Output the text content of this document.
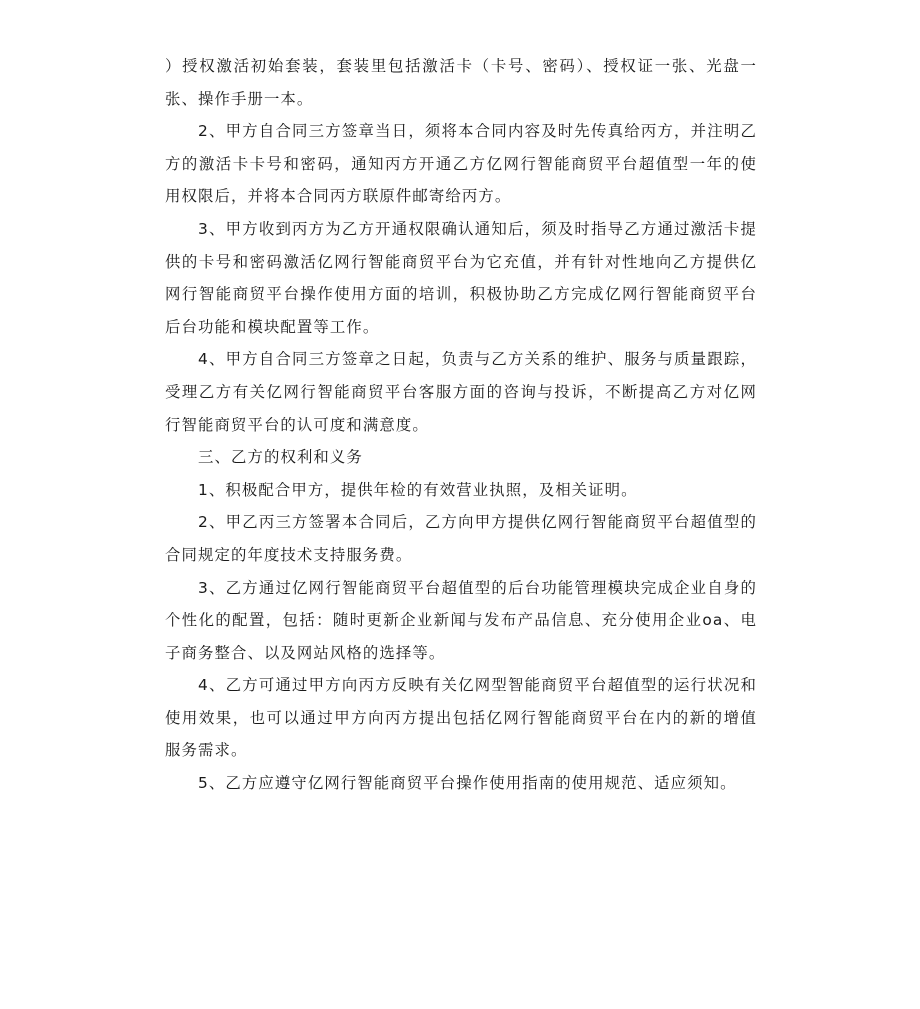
）授权激活初始套装，套装里包括激活卡（卡号、密码）、授权证一张、光盘一张、操作手册一本。

2、甲方自合同三方签章当日，须将本合同内容及时先传真给丙方，并注明乙方的激活卡卡号和密码，通知丙方开通乙方亿网行智能商贸平台超值型一年的使用权限后，并将本合同丙方联原件邮寄给丙方。

3、甲方收到丙方为乙方开通权限确认通知后，须及时指导乙方通过激活卡提供的卡号和密码激活亿网行智能商贸平台为它充值，并有针对性地向乙方提供亿网行智能商贸平台操作使用方面的培训，积极协助乙方完成亿网行智能商贸平台后台功能和模块配置等工作。

4、甲方自合同三方签章之日起，负责与乙方关系的维护、服务与质量跟踪，受理乙方有关亿网行智能商贸平台客服方面的咨询与投诉，不断提高乙方对亿网行智能商贸平台的认可度和满意度。

三、乙方的权利和义务

1、积极配合甲方，提供年检的有效营业执照，及相关证明。

2、甲乙丙三方签署本合同后，乙方向甲方提供亿网行智能商贸平台超值型的合同规定的年度技术支持服务费。

3、乙方通过亿网行智能商贸平台超值型的后台功能管理模块完成企业自身的个性化的配置，包括：随时更新企业新闻与发布产品信息、充分使用企业oa、电子商务整合、以及网站风格的选择等。

4、乙方可通过甲方向丙方反映有关亿网型智能商贸平台超值型的运行状况和使用效果，也可以通过甲方向丙方提出包括亿网行智能商贸平台在内的新的增值服务需求。

5、乙方应遵守亿网行智能商贸平台操作使用指南的使用规范、适应须知。
